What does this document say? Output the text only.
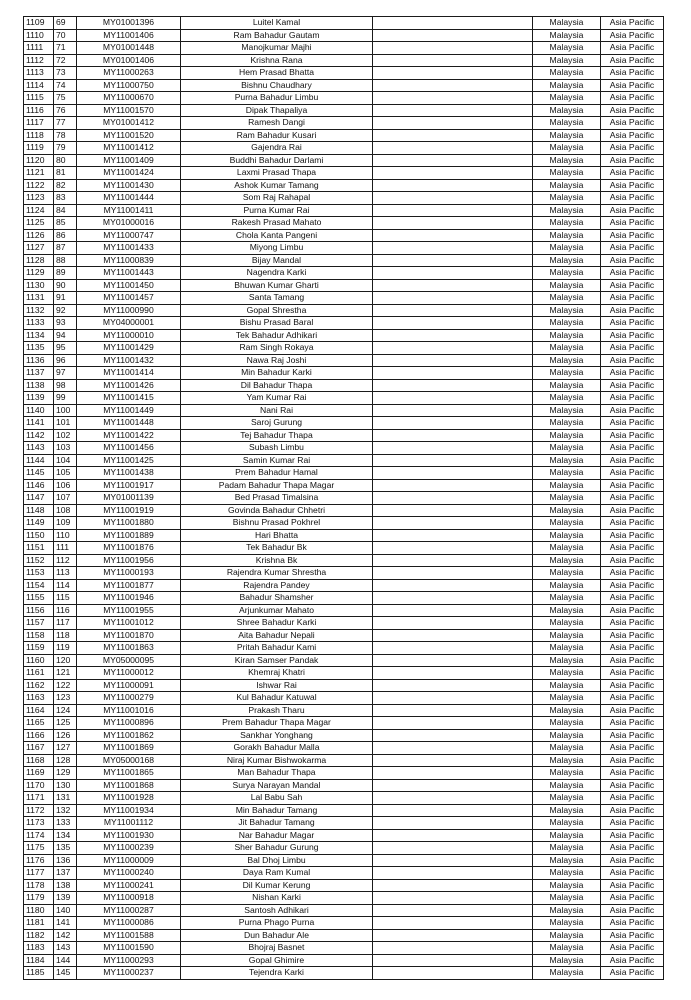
1109	69	MY01001396	Luitel Kamal		Malaysia	Asia Pacific
1110	70	MY11001406	Ram Bahadur Gautam		Malaysia	Asia Pacific
1111	71	MY01001448	Manojkumar Majhi		Malaysia	Asia Pacific
1112	72	MY01001406	Krishna Rana		Malaysia	Asia Pacific
1113	73	MY11000263	Hem Prasad Bhatta		Malaysia	Asia Pacific
1114	74	MY11000750	Bishnu Chaudhary		Malaysia	Asia Pacific
1115	75	MY11000670	Purna Bahadur Limbu		Malaysia	Asia Pacific
1116	76	MY11001570	Dipak Thapaliya		Malaysia	Asia Pacific
1117	77	MY01001412	Ramesh Dangi		Malaysia	Asia Pacific
1118	78	MY11001520	Ram Bahadur Kusari		Malaysia	Asia Pacific
1119	79	MY11001412	Gajendra Rai		Malaysia	Asia Pacific
1120	80	MY11001409	Buddhi Bahadur Darlami		Malaysia	Asia Pacific
1121	81	MY11001424	Laxmi Prasad Thapa		Malaysia	Asia Pacific
1122	82	MY11001430	Ashok Kumar Tamang		Malaysia	Asia Pacific
1123	83	MY11001444	Som Raj Rahapal		Malaysia	Asia Pacific
1124	84	MY11001411	Purna Kumar Rai		Malaysia	Asia Pacific
1125	85	MY01000016	Rakesh Prasad Mahato		Malaysia	Asia Pacific
1126	86	MY11000747	Chola Kanta Pangeni		Malaysia	Asia Pacific
1127	87	MY11001433	Miyong Limbu		Malaysia	Asia Pacific
1128	88	MY11000839	Bijay Mandal		Malaysia	Asia Pacific
1129	89	MY11001443	Nagendra Karki		Malaysia	Asia Pacific
1130	90	MY11001450	Bhuwan Kumar Gharti		Malaysia	Asia Pacific
1131	91	MY11001457	Santa Tamang		Malaysia	Asia Pacific
1132	92	MY11000990	Gopal Shrestha		Malaysia	Asia Pacific
1133	93	MY04000001	Bishu Prasad Baral		Malaysia	Asia Pacific
1134	94	MY11000010	Tek Bahadur Adhikari		Malaysia	Asia Pacific
1135	95	MY11001429	Ram Singh Rokaya		Malaysia	Asia Pacific
1136	96	MY11001432	Nawa Raj Joshi		Malaysia	Asia Pacific
1137	97	MY11001414	Min Bahadur Karki		Malaysia	Asia Pacific
1138	98	MY11001426	Dil Bahadur Thapa		Malaysia	Asia Pacific
1139	99	MY11001415	Yam Kumar Rai		Malaysia	Asia Pacific
1140	100	MY11001449	Nani Rai		Malaysia	Asia Pacific
1141	101	MY11001448	Saroj Gurung		Malaysia	Asia Pacific
1142	102	MY11001422	Tej Bahadur Thapa		Malaysia	Asia Pacific
1143	103	MY11001456	Subash Limbu		Malaysia	Asia Pacific
1144	104	MY11001425	Samin Kumar Rai		Malaysia	Asia Pacific
1145	105	MY11001438	Prem Bahadur Hamal		Malaysia	Asia Pacific
1146	106	MY11001917	Padam Bahadur Thapa Magar		Malaysia	Asia Pacific
1147	107	MY01001139	Bed Prasad Timalsina		Malaysia	Asia Pacific
1148	108	MY11001919	Govinda Bahadur Chhetri		Malaysia	Asia Pacific
1149	109	MY11001880	Bishnu Prasad Pokhrel		Malaysia	Asia Pacific
1150	110	MY11001889	Hari Bhatta		Malaysia	Asia Pacific
1151	111	MY11001876	Tek Bahadur Bk		Malaysia	Asia Pacific
1152	112	MY11001956	Krishna Bk		Malaysia	Asia Pacific
1153	113	MY11000193	Rajendra Kumar Shrestha		Malaysia	Asia Pacific
1154	114	MY11001877	Rajendra Pandey		Malaysia	Asia Pacific
1155	115	MY11001946	Bahadur Shamsher		Malaysia	Asia Pacific
1156	116	MY11001955	Arjunkumar Mahato		Malaysia	Asia Pacific
1157	117	MY11001012	Shree Bahadur Karki		Malaysia	Asia Pacific
1158	118	MY11001870	Aita Bahadur Nepali		Malaysia	Asia Pacific
1159	119	MY11001863	Pritah Bahadur Kami		Malaysia	Asia Pacific
1160	120	MY05000095	Kiran Samser Pandak		Malaysia	Asia Pacific
1161	121	MY11000012	Khemraj Khatri		Malaysia	Asia Pacific
1162	122	MY11000091	Ishwar Rai		Malaysia	Asia Pacific
1163	123	MY11000279	Kul Bahadur Katuwal		Malaysia	Asia Pacific
1164	124	MY11001016	Prakash Tharu		Malaysia	Asia Pacific
1165	125	MY11000896	Prem Bahadur Thapa Magar		Malaysia	Asia Pacific
1166	126	MY11001862	Sankhar Yonghang		Malaysia	Asia Pacific
1167	127	MY11001869	Gorakh Bahadur Malla		Malaysia	Asia Pacific
1168	128	MY05000168	Niraj Kumar Bishwokarma		Malaysia	Asia Pacific
1169	129	MY11001865	Man Bahadur Thapa		Malaysia	Asia Pacific
1170	130	MY11001868	Surya Narayan Mandal		Malaysia	Asia Pacific
1171	131	MY11001928	Lal Babu Sah		Malaysia	Asia Pacific
1172	132	MY11001934	Min Bahadur Tamang		Malaysia	Asia Pacific
1173	133	MY11001112	Jit Bahadur Tamang		Malaysia	Asia Pacific
1174	134	MY11001930	Nar Bahadur Magar		Malaysia	Asia Pacific
1175	135	MY11000239	Sher Bahadur Gurung		Malaysia	Asia Pacific
1176	136	MY11000009	Bal Dhoj Limbu		Malaysia	Asia Pacific
1177	137	MY11000240	Daya Ram Kumal		Malaysia	Asia Pacific
1178	138	MY11000241	Dil Kumar Kerung		Malaysia	Asia Pacific
1179	139	MY11000918	Nishan Karki		Malaysia	Asia Pacific
1180	140	MY11000287	Santosh Adhikari		Malaysia	Asia Pacific
1181	141	MY11000086	Purna Phago Purna		Malaysia	Asia Pacific
1182	142	MY11001588	Dun Bahadur Ale		Malaysia	Asia Pacific
1183	143	MY11001590	Bhojraj Basnet		Malaysia	Asia Pacific
1184	144	MY11000293	Gopal Ghimire		Malaysia	Asia Pacific
1185	145	MY11000237	Tejendra Karki		Malaysia	Asia Pacific
